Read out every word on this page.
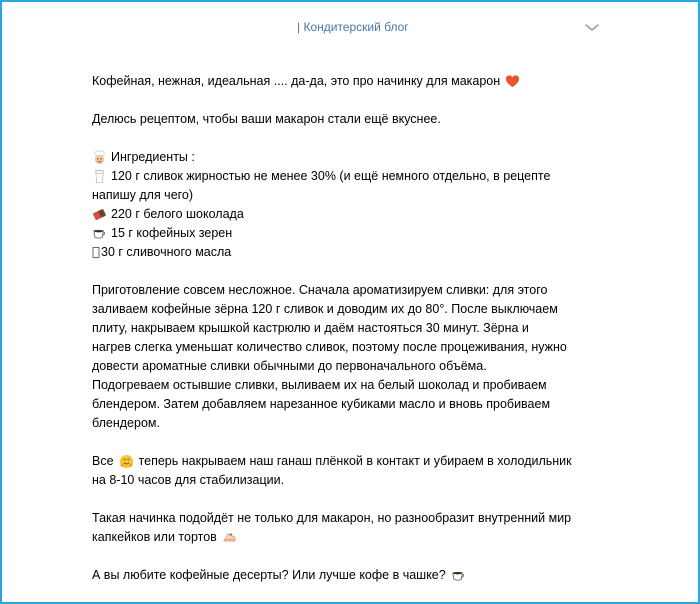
| Кондитерский блог
Кофейная, нежная, идеальная .... да-да, это про начинку для макарон
Делюсь рецептом, чтобы ваши макарон стали ещё вкуснее.
Ингредиенты :
120 г сливок жирностью не менее 30% (и ещё немного отдельно, в рецепте
напишу для чего)
220 г белого шоколада
15 г кофейных зерен
30 г сливочного масла
Приготовление совсем несложное. Сначала ароматизируем сливки: для этого
заливаем кофейные зёрна 120 г сливок и доводим их до 80°. После выключаем
плиту, накрываем крышкой кастрюлю и даём настояться 30 минут. Зёрна и
нагрев слегка уменьшат количество сливок, поэтому после процеживания, нужно
довести ароматные сливки обычными до первоначального объёма.
Подогреваем остывшие сливки, выливаем их на белый шоколад и пробиваем
блендером. Затем добавляем нарезанное кубиками масло и вновь пробиваем
блендером.
Все теперь накрываем наш ганаш плёнкой в контакт и убираем в холодильник
на 8-10 часов для стабилизации.
Такая начинка подойдёт не только для макарон, но разнообразит внутренний мир
капкейков или тортов
А вы любите кофейные десерты? Или лучше кофе в чашке?
